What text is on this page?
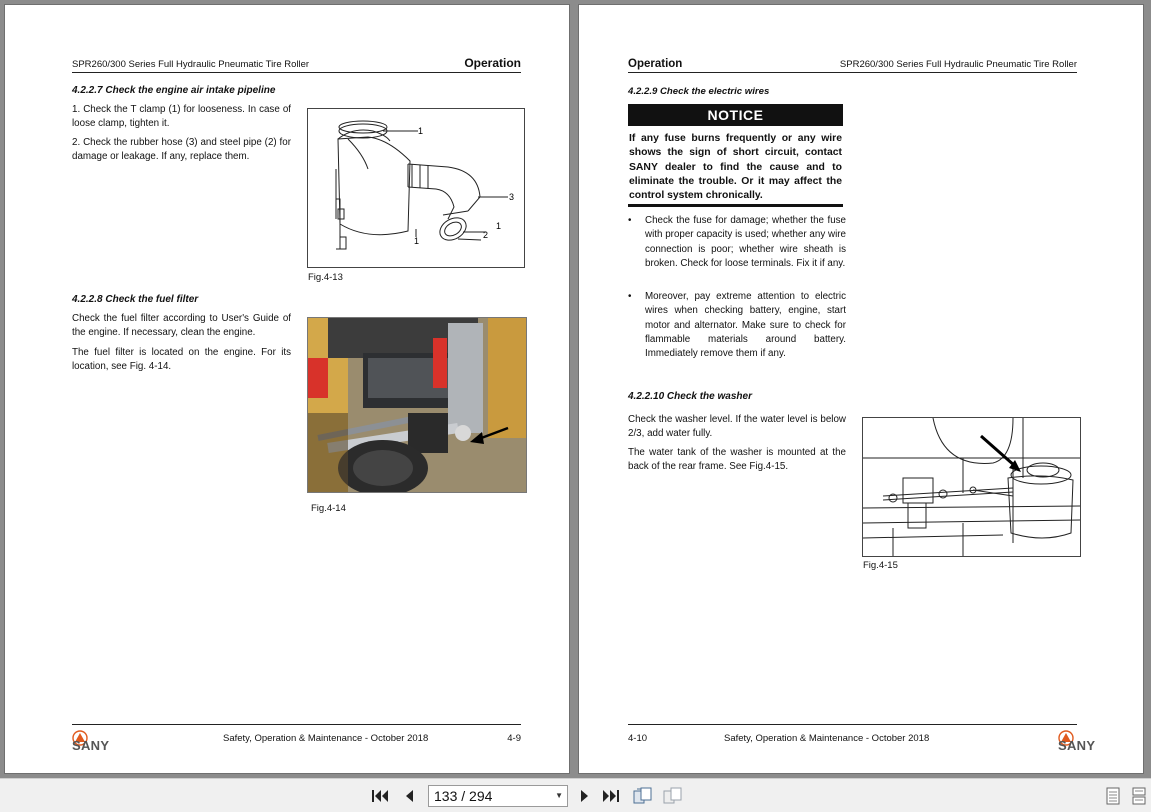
SPR260/300 Series Full Hydraulic Pneumatic Tire Roller	Operation
4.2.2.7 Check the engine air intake pipeline
1. Check the T clamp (1) for looseness. In case of loose clamp, tighten it.
2. Check the rubber hose (3) and steel pipe (2) for damage or leakage. If any, replace them.
1
3
1
1
2
Fig.4-13
4.2.2.8 Check the fuel filter
Check the fuel filter according to User's Guide of the engine. If necessary, clean the engine.
The fuel filter is located on the engine. For its location, see Fig. 4-14.
Fig.4-14
SANY	Safety, Operation & Maintenance - October 2018	4-9
Operation	SPR260/300 Series Full Hydraulic Pneumatic Tire Roller
4.2.2.9 Check the electric wires
NOTICE
If any fuse burns frequently or any wire shows the sign of short circuit, contact SANY dealer to find the cause and to eliminate the trouble. Or it may affect the control system chronically.
• Check the fuse for damage; whether the fuse with proper capacity is used; whether any wire connection is poor; whether wire sheath is broken. Check for loose terminals. Fix it if any.
• Moreover, pay extreme attention to electric wires when checking battery, engine, start motor and alternator. Make sure to check for flammable materials around battery. Immediately remove them if any.
4.2.2.10 Check the washer
Check the washer level. If the water level is below 2/3, add water fully.
The water tank of the washer is mounted at the back of the rear frame. See Fig.4-15.
Fig.4-15
4-10	Safety, Operation & Maintenance - October 2018	SANY
133 / 294	▼
